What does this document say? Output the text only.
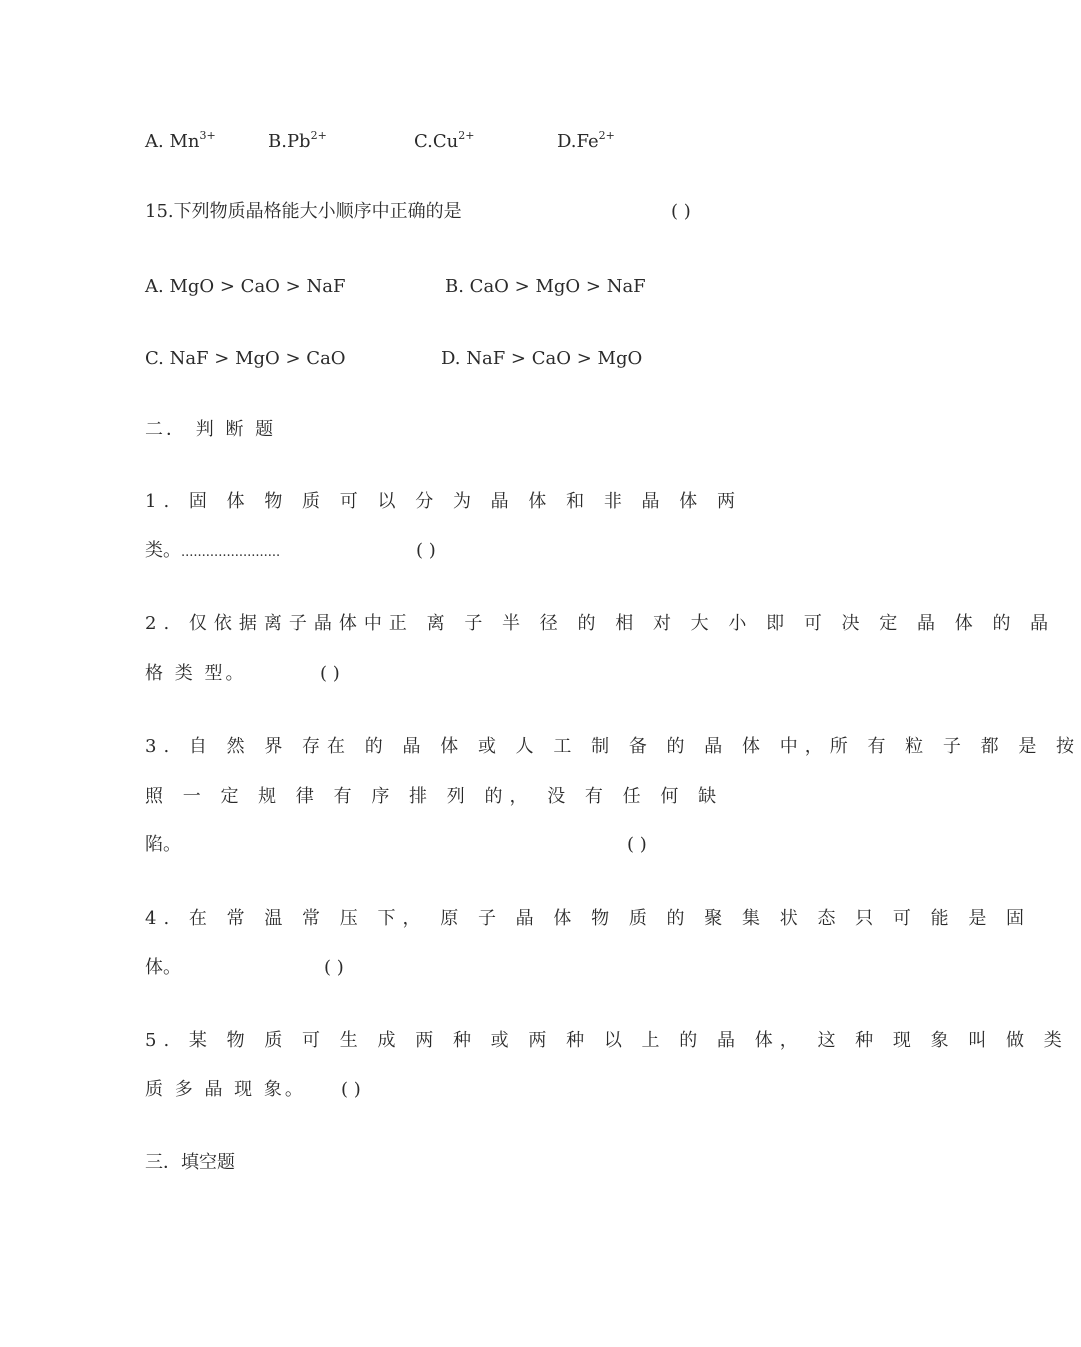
A. $Mn^{3+}$	$B.Pb^{2+}$	$C.Cu^{2+}$	$D.Fe^{2+}$
15.下列物质晶格能大小顺序中正确的是	( )
A. MgO > CaO > NaF	B. CaO > MgO > NaF
C. NaF > MgO > CaO	D. NaF > CaO > MgO
二． 判 断 题
1. 固 体 物 质 可 以 分 为 晶 体 和 非 晶 体 两
类。........................	( )
2. 仅依据离子晶体中正 离 子 半 径 的 相 对 大 小 即 可 决 定 晶 体 的 晶
格 类 型。	( )
3. 自 然 界 存在 的 晶 体 或 人 工 制 备 的 晶 体 中，所 有 粒 子 都 是 按
照 一 定 规 律 有 序 排 列 的， 没 有 任 何 缺
陷。	( )
4. 在 常 温 常 压 下， 原 子 晶 体 物 质 的 聚 集 状 态 只 可 能 是 固
体。	( )
5. 某 物 质 可 生 成 两 种 或 两 种 以 上 的 晶 体， 这 种 现 象 叫 做 类
质 多 晶 现 象。 ( )
三．填空题
